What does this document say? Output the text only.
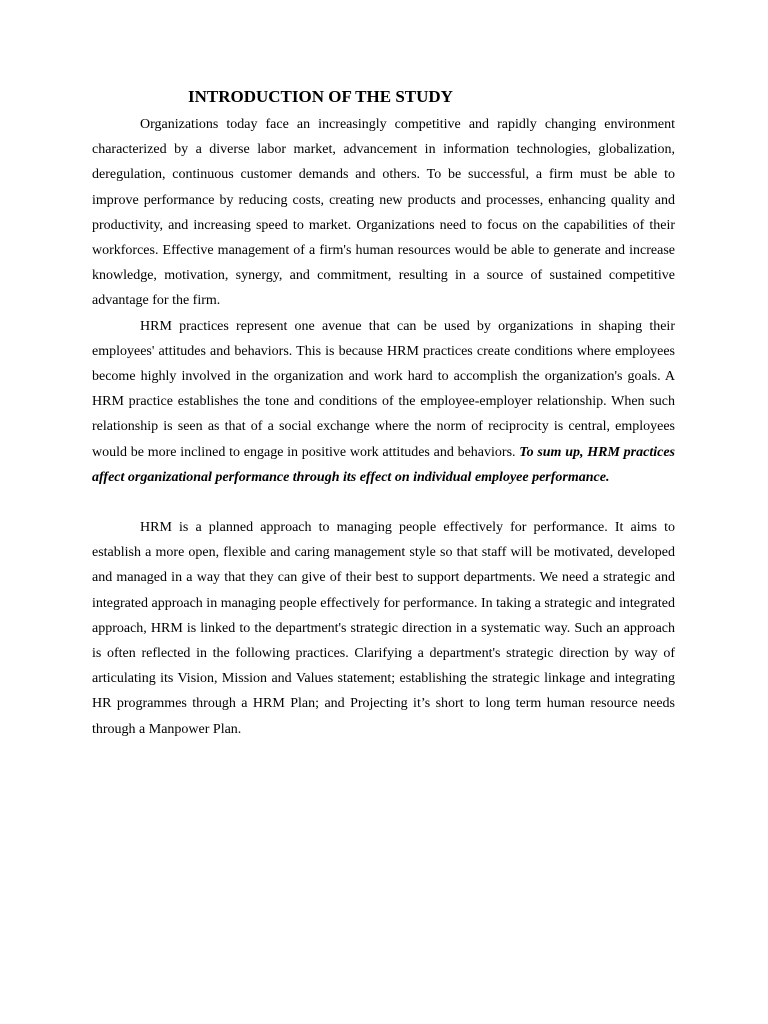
INTRODUCTION OF THE STUDY

Organizations today face an increasingly competitive and rapidly changing environment characterized by a diverse labor market, advancement in information technologies, globalization, deregulation, continuous customer demands and others. To be successful, a firm must be able to improve performance by reducing costs, creating new products and processes, enhancing quality and productivity, and increasing speed to market. Organizations need to focus on the capabilities of their workforces. Effective management of a firm's human resources would be able to generate and increase knowledge, motivation, synergy, and commitment, resulting in a source of sustained competitive advantage for the firm.

HRM practices represent one avenue that can be used by organizations in shaping their employees' attitudes and behaviors. This is because HRM practices create conditions where employees become highly involved in the organization and work hard to accomplish the organization's goals. A HRM practice establishes the tone and conditions of the employee-employer relationship. When such relationship is seen as that of a social exchange where the norm of reciprocity is central, employees would be more inclined to engage in positive work attitudes and behaviors. To sum up, HRM practices affect organizational performance through its effect on individual employee performance.

HRM is a planned approach to managing people effectively for performance. It aims to establish a more open, flexible and caring management style so that staff will be motivated, developed and managed in a way that they can give of their best to support departments. We need a strategic and integrated approach in managing people effectively for performance. In taking a strategic and integrated approach, HRM is linked to the department's strategic direction in a systematic way. Such an approach is often reflected in the following practices. Clarifying a department's strategic direction by way of articulating its Vision, Mission and Values statement; establishing the strategic linkage and integrating HR programmes through a HRM Plan; and Projecting it’s short to long term human resource needs through a Manpower Plan.
